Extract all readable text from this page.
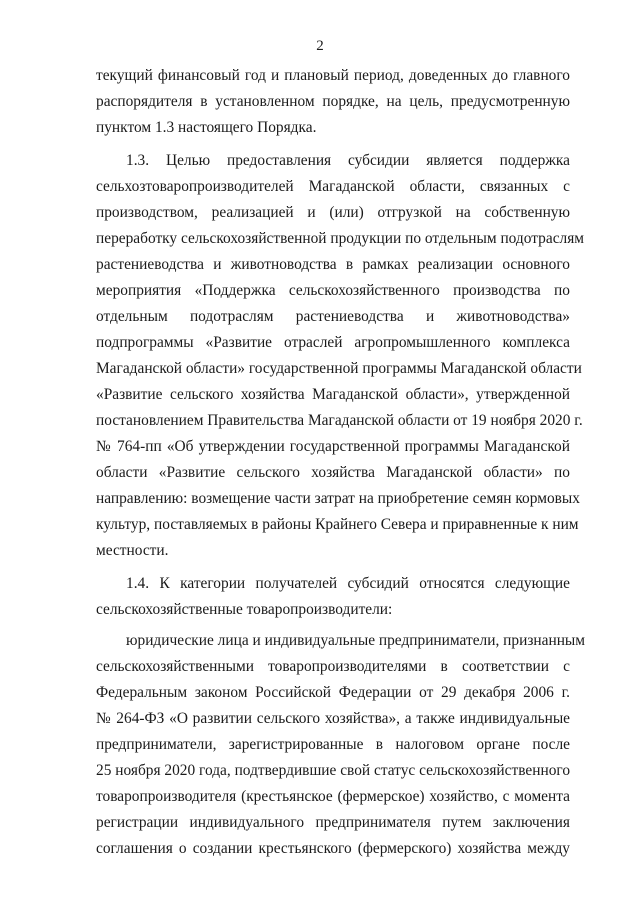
2
текущий финансовый год и плановый период, доведенных до главного
распорядителя в установленном порядке, на цель, предусмотренную
пунктом 1.3 настоящего Порядка.
1.3. Целью предоставления субсидии является поддержка
сельхозтоваропроизводителей Магаданской области, связанных с
производством, реализацией и (или) отгрузкой на собственную
переработку сельскохозяйственной продукции по отдельным подотраслям
растениеводства и животноводства в рамках реализации основного
мероприятия «Поддержка сельскохозяйственного производства по
отдельным подотраслям растениеводства и животноводства»
подпрограммы «Развитие отраслей агропромышленного комплекса
Магаданской области» государственной программы Магаданской области
«Развитие сельского хозяйства Магаданской области», утвержденной
постановлением Правительства Магаданской области от 19 ноября 2020 г.
№ 764-пп «Об утверждении государственной программы Магаданской
области «Развитие сельского хозяйства Магаданской области» по
направлению: возмещение части затрат на приобретение семян кормовых
культур, поставляемых в районы Крайнего Севера и приравненные к ним
местности.
1.4. К категории получателей субсидий относятся следующие
сельскохозяйственные товаропроизводители:
юридические лица и индивидуальные предприниматели, признанным
сельскохозяйственными товаропроизводителями в соответствии с
Федеральным законом Российской Федерации от 29 декабря 2006 г.
№ 264-ФЗ «О развитии сельского хозяйства», а также индивидуальные
предприниматели, зарегистрированные в налоговом органе после
25 ноября 2020 года, подтвердившие свой статус сельскохозяйственного
товаропроизводителя (крестьянское (фермерское) хозяйство, с момента
регистрации индивидуального предпринимателя путем заключения
соглашения о создании крестьянского (фермерского) хозяйства между
